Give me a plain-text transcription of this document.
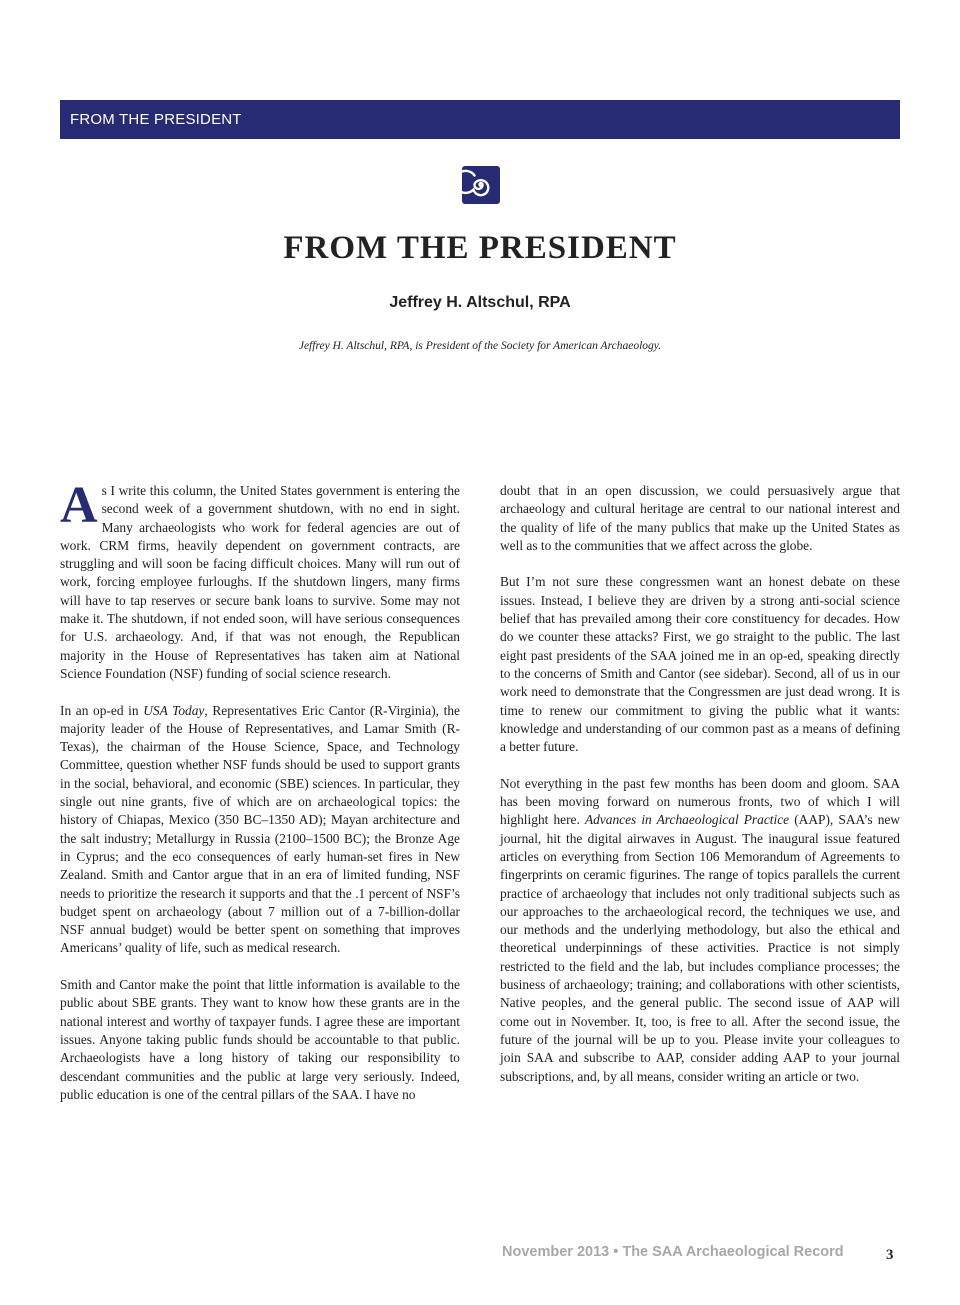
FROM THE PRESIDENT
FROM THE PRESIDENT
Jeffrey H. Altschul, RPA
Jeffrey H. Altschul, RPA, is President of the Society for American Archaeology.

As I write this column, the United States government is entering the second week of a government shutdown, with no end in sight. Many archaeologists who work for federal agencies are out of work. CRM firms, heavily dependent on government contracts, are struggling and will soon be facing difficult choices. Many will run out of work, forcing employee furloughs. If the shutdown lingers, many firms will have to tap reserves or secure bank loans to survive. Some may not make it. The shutdown, if not ended soon, will have serious consequences for U.S. archaeology. And, if that was not enough, the Republican majority in the House of Representatives has taken aim at National Science Foundation (NSF) funding of social science research.

In an op-ed in USA Today, Representatives Eric Cantor (R-Virginia), the majority leader of the House of Representatives, and Lamar Smith (R-Texas), the chairman of the House Science, Space, and Technology Committee, question whether NSF funds should be used to support grants in the social, behavioral, and economic (SBE) sciences. In particular, they single out nine grants, five of which are on archaeological topics: the history of Chiapas, Mexico (350 BC–1350 AD); Mayan architecture and the salt industry; Metallurgy in Russia (2100–1500 BC); the Bronze Age in Cyprus; and the eco consequences of early human-set fires in New Zealand. Smith and Cantor argue that in an era of limited funding, NSF needs to prioritize the research it supports and that the .1 percent of NSF’s budget spent on archaeology (about 7 million out of a 7-billion-dollar NSF annual budget) would be better spent on something that improves Americans’ quality of life, such as medical research.

Smith and Cantor make the point that little information is available to the public about SBE grants. They want to know how these grants are in the national interest and worthy of taxpayer funds. I agree these are important issues. Anyone taking public funds should be accountable to that public. Archaeologists have a long history of taking our responsibility to descendant communities and the public at large very seriously. Indeed, public education is one of the central pillars of the SAA. I have no

doubt that in an open discussion, we could persuasively argue that archaeology and cultural heritage are central to our national interest and the quality of life of the many publics that make up the United States as well as to the communities that we affect across the globe.

But I’m not sure these congressmen want an honest debate on these issues. Instead, I believe they are driven by a strong anti-social science belief that has prevailed among their core constituency for decades. How do we counter these attacks? First, we go straight to the public. The last eight past presidents of the SAA joined me in an op-ed, speaking directly to the concerns of Smith and Cantor (see sidebar). Second, all of us in our work need to demonstrate that the Congressmen are just dead wrong. It is time to renew our commitment to giving the public what it wants: knowledge and understanding of our common past as a means of defining a better future.

Not everything in the past few months has been doom and gloom. SAA has been moving forward on numerous fronts, two of which I will highlight here. Advances in Archaeological Practice (AAP), SAA’s new journal, hit the digital airwaves in August. The inaugural issue featured articles on everything from Section 106 Memorandum of Agreements to fingerprints on ceramic figurines. The range of topics parallels the current practice of archaeology that includes not only traditional subjects such as our approaches to the archaeological record, the techniques we use, and our methods and the underlying methodology, but also the ethical and theoretical underpinnings of these activities. Practice is not simply restricted to the field and the lab, but includes compliance processes; the business of archaeology; training; and collaborations with other scientists, Native peoples, and the general public. The second issue of AAP will come out in November. It, too, is free to all. After the second issue, the future of the journal will be up to you. Please invite your colleagues to join SAA and subscribe to AAP, consider adding AAP to your journal subscriptions, and, by all means, consider writing an article or two.

November 2013 • The SAA Archaeological Record	3
